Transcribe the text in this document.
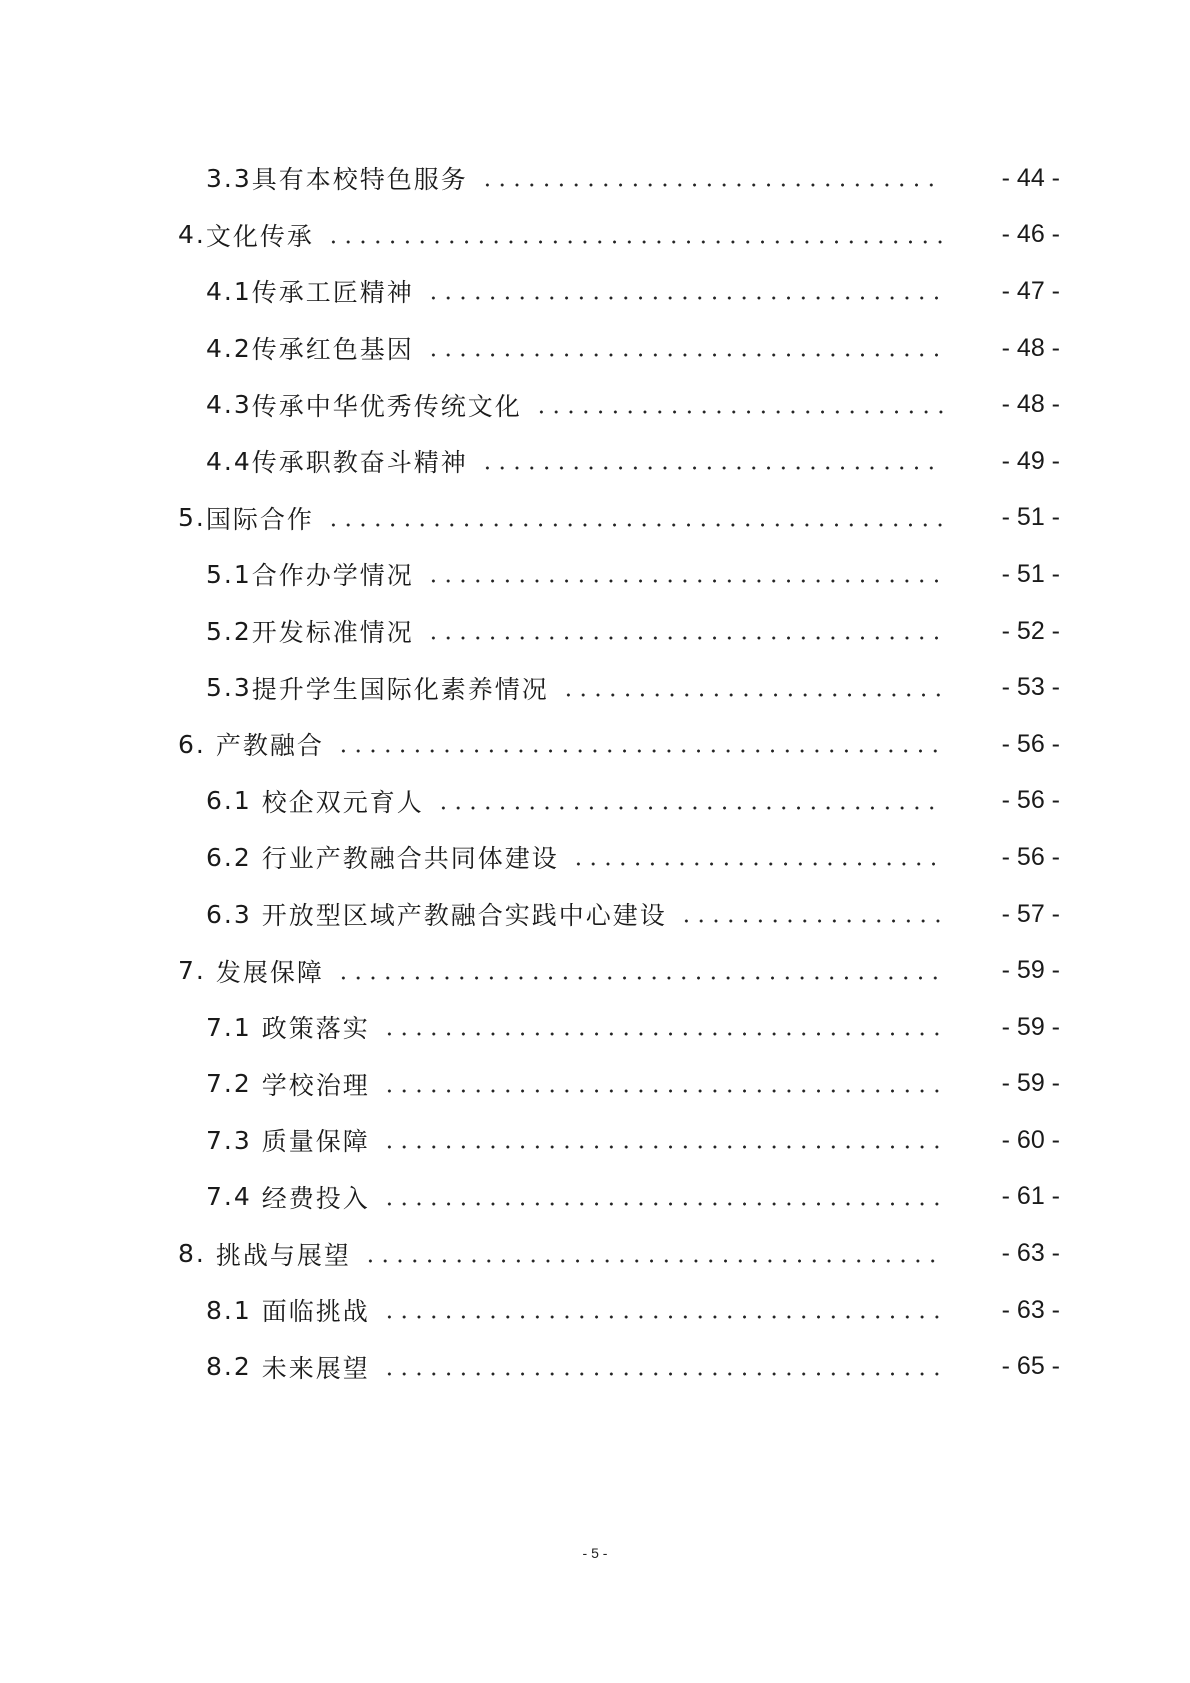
3.3 具有本校特色服务	- 44 -
4. 文化传承	- 46 -
4.1 传承工匠精神	- 47 -
4.2 传承红色基因	- 48 -
4.3 传承中华优秀传统文化	- 48 -
4.4 传承职教奋斗精神	- 49 -
5. 国际合作	- 51 -
5.1 合作办学情况	- 51 -
5.2 开发标准情况	- 52 -
5.3 提升学生国际化素养情况	- 53 -
6. 产教融合	- 56 -
6.1 校企双元育人	- 56 -
6.2 行业产教融合共同体建设	- 56 -
6.3 开放型区域产教融合实践中心建设	- 57 -
7. 发展保障	- 59 -
7.1 政策落实	- 59 -
7.2 学校治理	- 59 -
7.3 质量保障	- 60 -
7.4 经费投入	- 61 -
8. 挑战与展望	- 63 -
8.1 面临挑战	- 63 -
8.2 未来展望	- 65 -
- 5 -
